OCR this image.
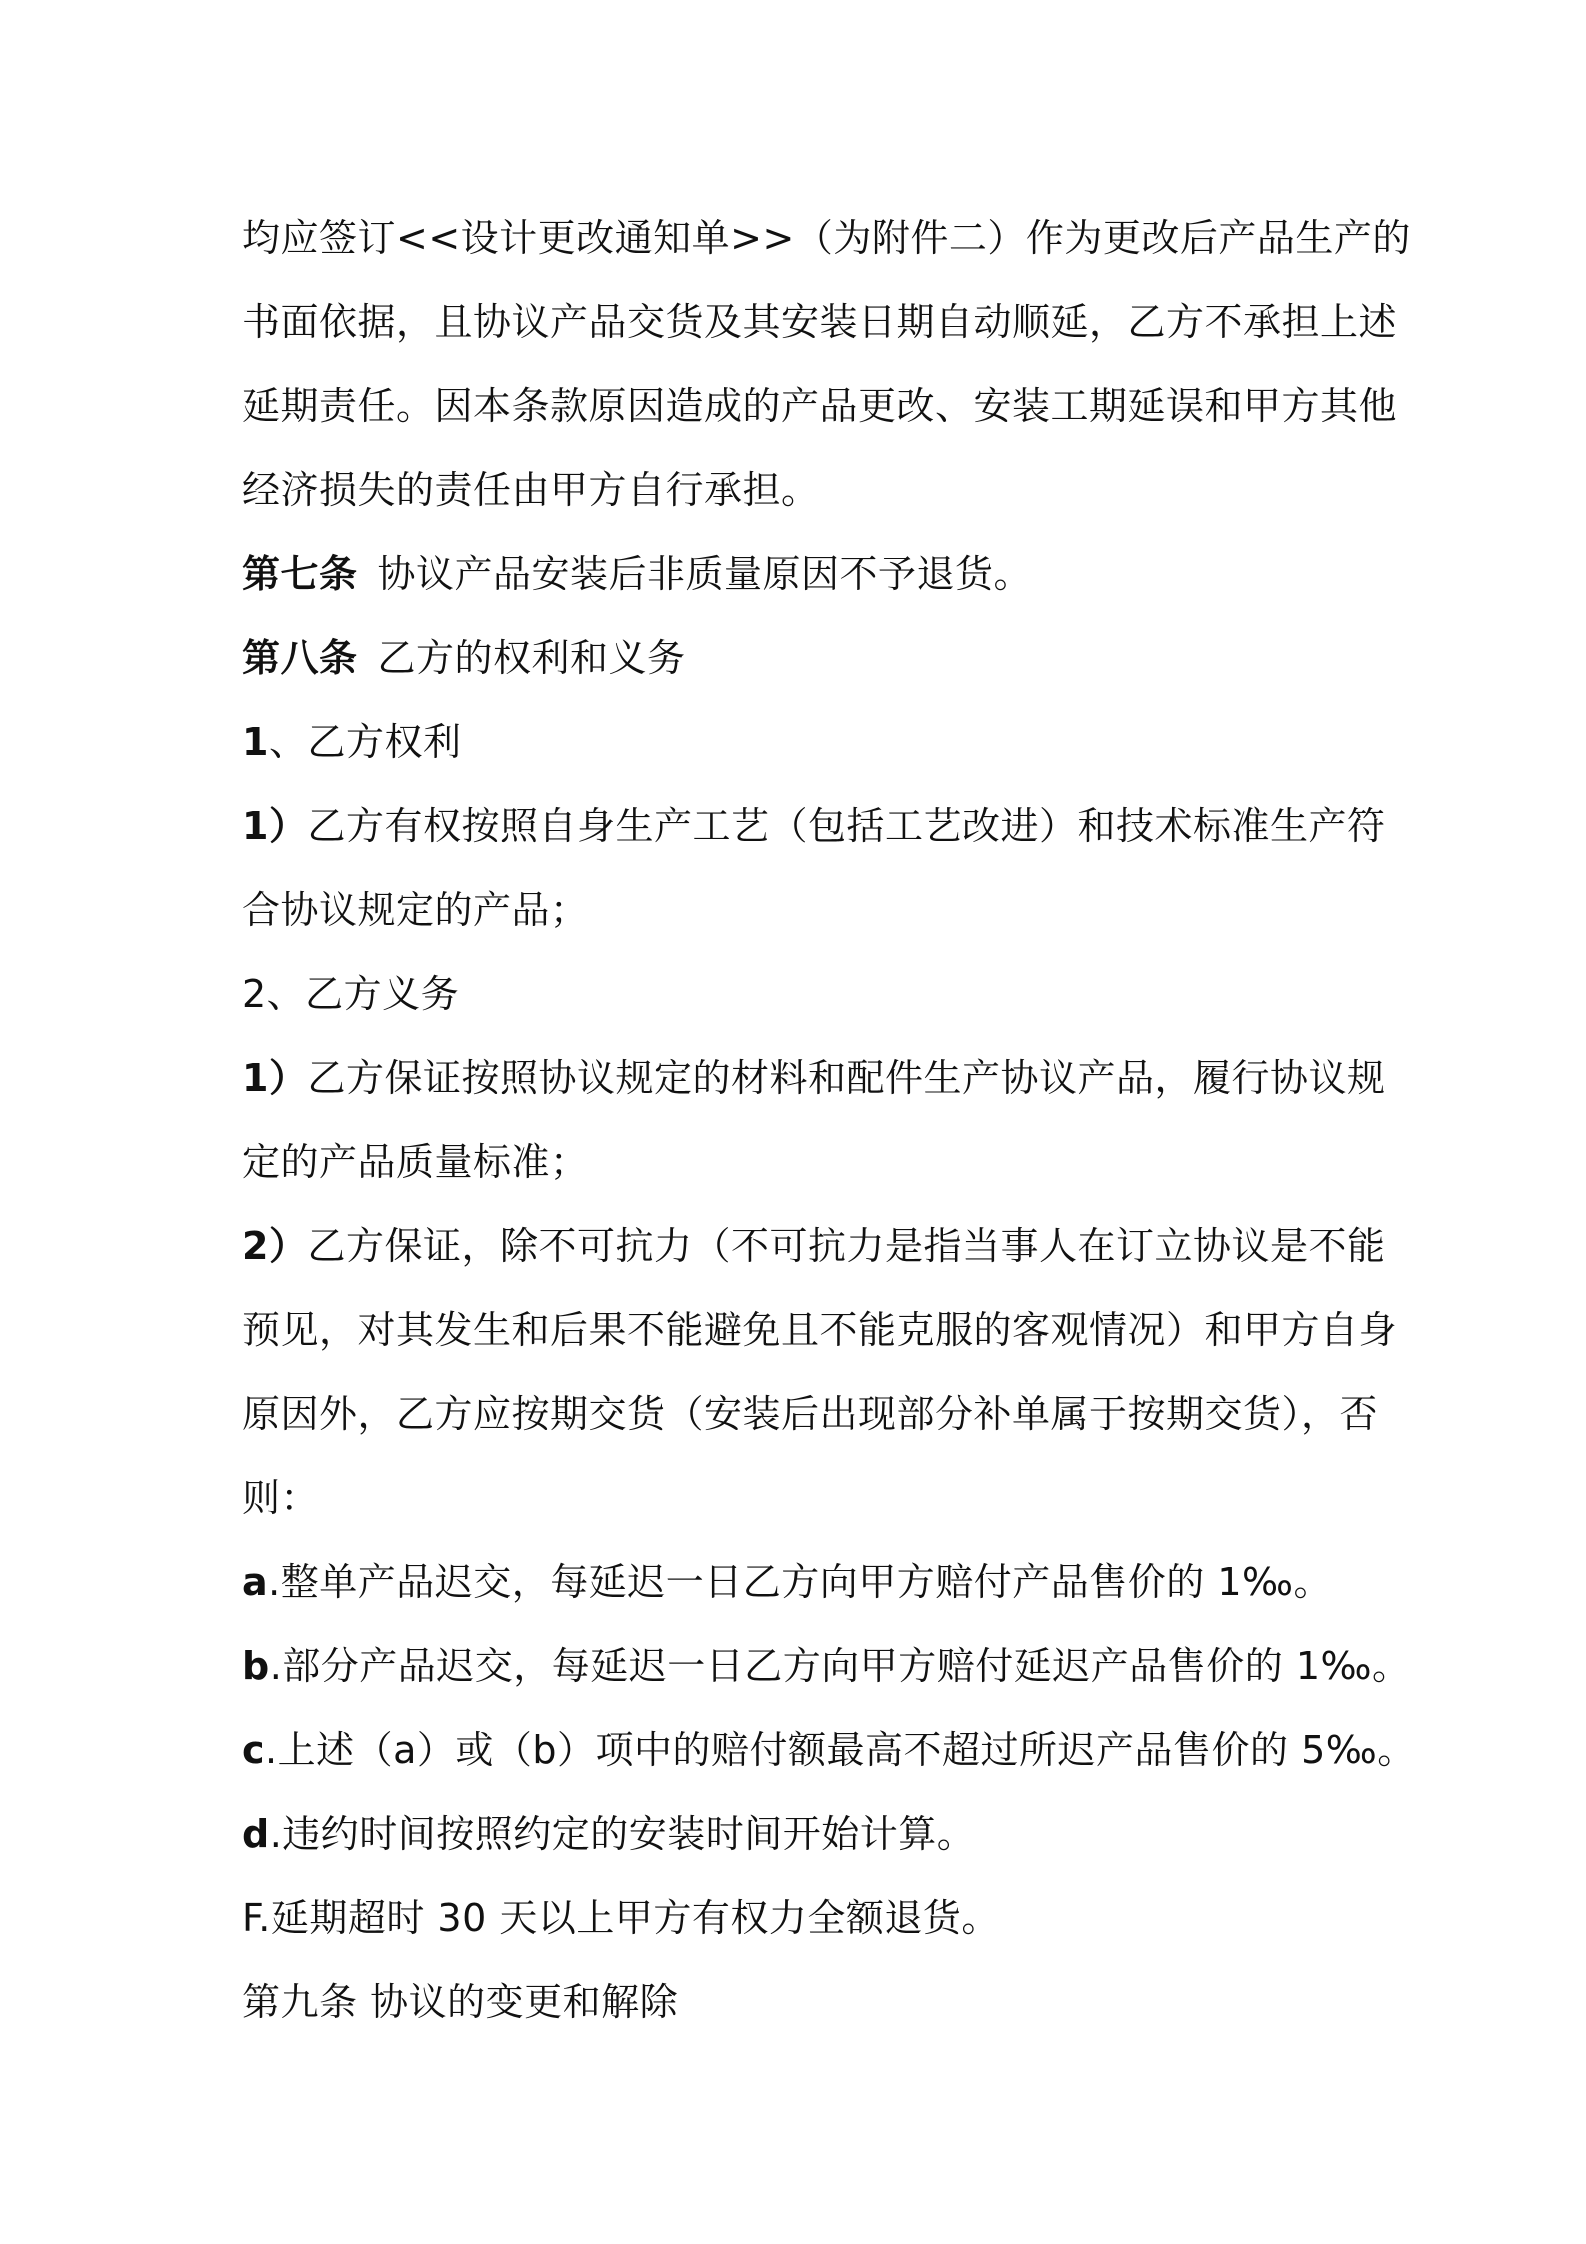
均应签订<<设计更改通知单>>（为附件二）作为更改后产品生产的
书面依据，且协议产品交货及其安装日期自动顺延，乙方不承担上述
延期责任。因本条款原因造成的产品更改、安装工期延误和甲方其他
经济损失的责任由甲方自行承担。
第七条 协议产品安装后非质量原因不予退货。
第八条 乙方的权利和义务
1、乙方权利
1）乙方有权按照自身生产工艺（包括工艺改进）和技术标准生产符
合协议规定的产品；
2、乙方义务
1）乙方保证按照协议规定的材料和配件生产协议产品，履行协议规
定的产品质量标准；
2）乙方保证，除不可抗力（不可抗力是指当事人在订立协议是不能
预见，对其发生和后果不能避免且不能克服的客观情况）和甲方自身
原因外，乙方应按期交货（安装后出现部分补单属于按期交货），否
则：
a.整单产品迟交，每延迟一日乙方向甲方赔付产品售价的 1‰。
b.部分产品迟交，每延迟一日乙方向甲方赔付延迟产品售价的 1‰。
c.上述（a）或（b）项中的赔付额最高不超过所迟产品售价的 5‰。
d.违约时间按照约定的安装时间开始计算。
F.延期超时 30 天以上甲方有权力全额退货。
第九条 协议的变更和解除
